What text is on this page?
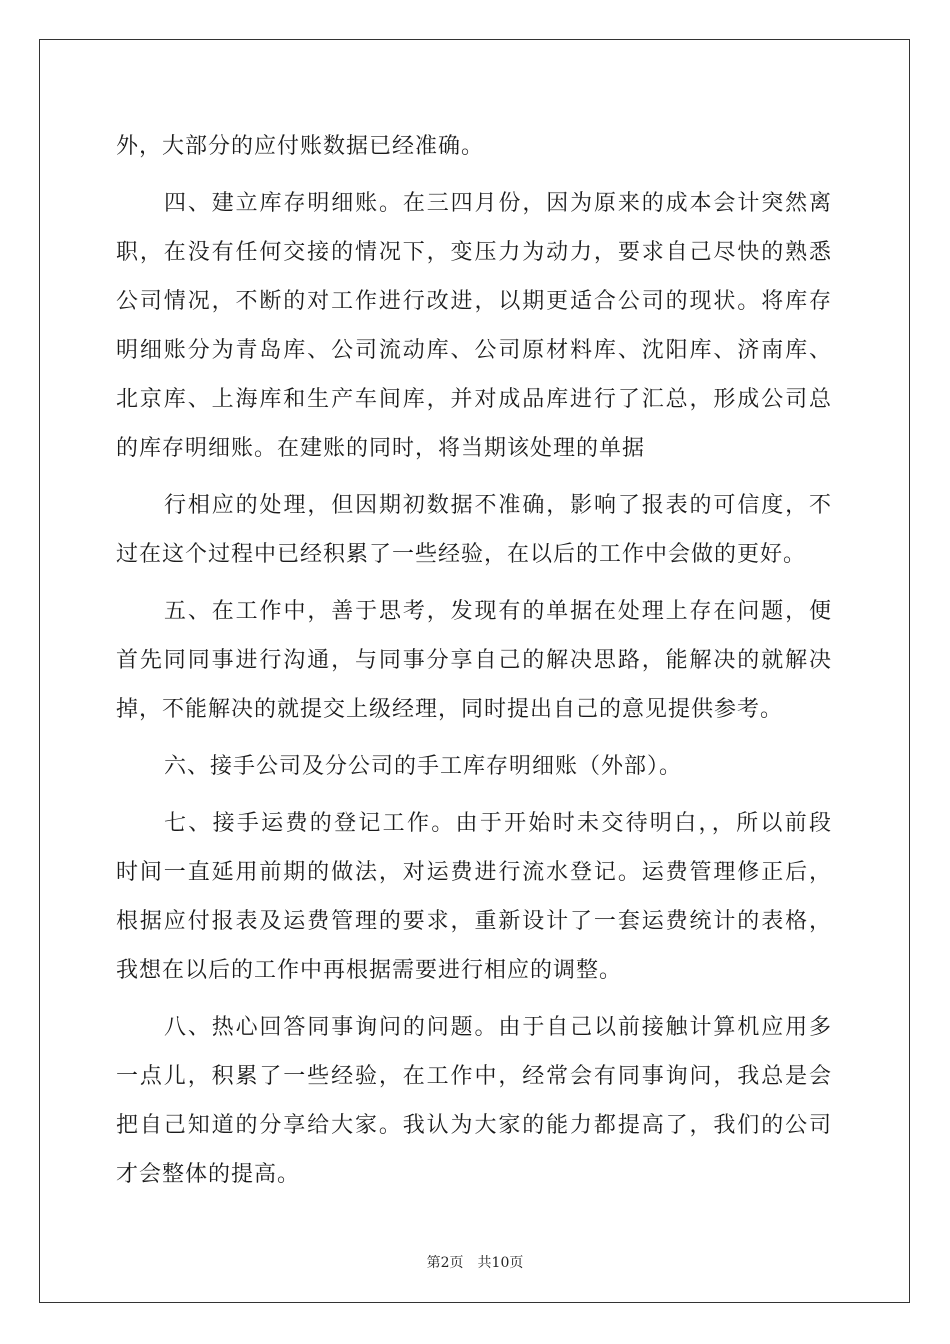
外，大部分的应付账数据已经准确。
四、建立库存明细账。在三四月份，因为原来的成本会计突然离
职，在没有任何交接的情况下，变压力为动力，要求自己尽快的熟悉
公司情况，不断的对工作进行改进，以期更适合公司的现状。将库存
明细账分为青岛库、公司流动库、公司原材料库、沈阳库、济南库、
北京库、上海库和生产车间库，并对成品库进行了汇总，形成公司总
的库存明细账。在建账的同时，将当期该处理的单据
行相应的处理，但因期初数据不准确，影响了报表的可信度，不
过在这个过程中已经积累了一些经验，在以后的工作中会做的更好。
五、在工作中，善于思考，发现有的单据在处理上存在问题，便
首先同同事进行沟通，与同事分享自己的解决思路，能解决的就解决
掉，不能解决的就提交上级经理，同时提出自己的意见提供参考。
六、接手公司及分公司的手工库存明细账（外部）。
七、接手运费的登记工作。由于开始时未交待明白，，所以前段
时间一直延用前期的做法，对运费进行流水登记。运费管理修正后，
根据应付报表及运费管理的要求，重新设计了一套运费统计的表格，
我想在以后的工作中再根据需要进行相应的调整。
八、热心回答同事询问的问题。由于自己以前接触计算机应用多
一点儿，积累了一些经验，在工作中，经常会有同事询问，我总是会
把自己知道的分享给大家。我认为大家的能力都提高了，我们的公司
才会整体的提高。
第2页　共10页
